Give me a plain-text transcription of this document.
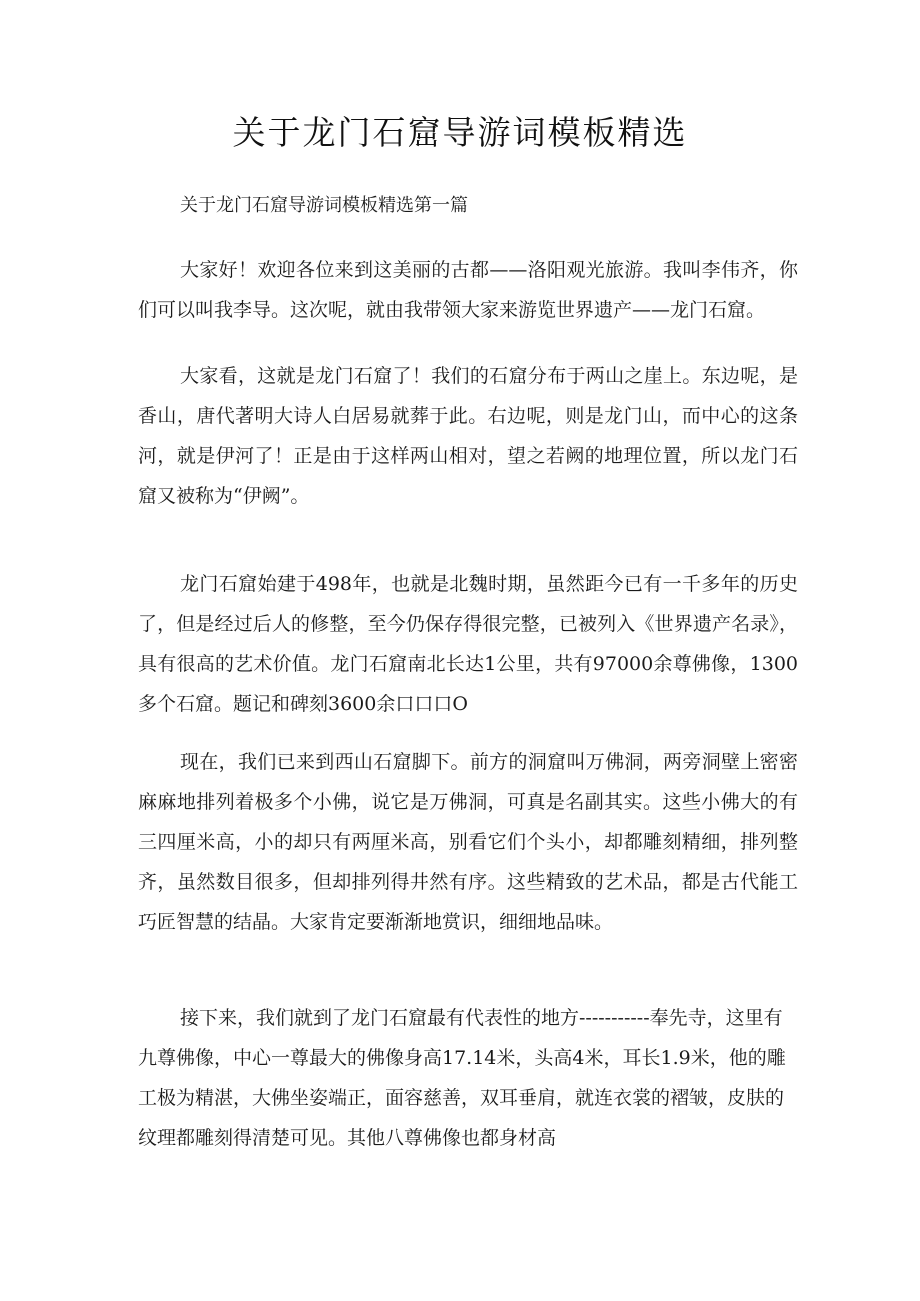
关于龙门石窟导游词模板精选
关于龙门石窟导游词模板精选第一篇

大家好！欢迎各位来到这美丽的古都——洛阳观光旅游。我叫李伟齐，你们可以叫我李导。这次呢，就由我带领大家来游览世界遗产——龙门石窟。

大家看，这就是龙门石窟了！我们的石窟分布于两山之崖上。东边呢，是香山，唐代著明大诗人白居易就葬于此。右边呢，则是龙门山，而中心的这条河，就是伊河了！正是由于这样两山相对，望之若阙的地理位置，所以龙门石窟又被称为“伊阙”。

龙门石窟始建于498年，也就是北魏时期，虽然距今已有一千多年的历史了，但是经过后人的修整，至今仍保存得很完整，已被列入《世界遗产名录》，具有很高的艺术价值。龙门石窟南北长达1公里，共有97000余尊佛像，1300多个石窟。题记和碑刻3600余口口口O

现在，我们已来到西山石窟脚下。前方的洞窟叫万佛洞，两旁洞壁上密密麻麻地排列着极多个小佛，说它是万佛洞，可真是名副其实。这些小佛大的有三四厘米高，小的却只有两厘米高，别看它们个头小，却都雕刻精细，排列整齐，虽然数目很多，但却排列得井然有序。这些精致的艺术品，都是古代能工巧匠智慧的结晶。大家肯定要渐渐地赏识，细细地品味。

接下来，我们就到了龙门石窟最有代表性的地方-----------奉先寺，这里有九尊佛像，中心一尊最大的佛像身高17.14米，头高4米，耳长1.9米，他的雕工极为精湛，大佛坐姿端正，面容慈善，双耳垂肩，就连衣裳的褶皱，皮肤的纹理都雕刻得清楚可见。其他八尊佛像也都身材高
